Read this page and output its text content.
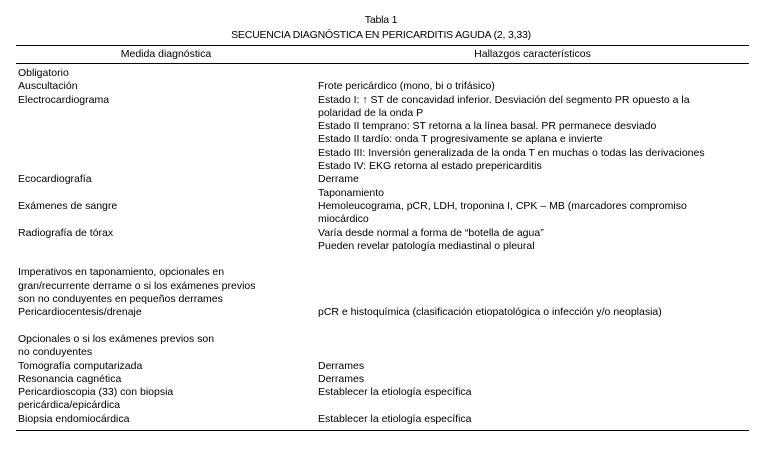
Tabla 1
SECUENCIA DIAGNÓSTICA EN PERICARDITIS AGUDA (2, 3,33)
Medida diagnóstica	Hallazgos característicos
Obligatorio
Auscultación	Frote pericárdico (mono, bi o trifásico)
Electrocardiograma	Estado I: ↑ ST de concavidad inferior. Desviación del segmento PR opuesto a la
polaridad de la onda P
Estado II temprano: ST retorna a la línea basal. PR permanece desviado
Estado II tardío: onda T progresivamente se aplana e invierte
Estado III: Inversión generalizada de la onda T en muchas o todas las derivaciones
Estado IV: EKG retorna al estado prepericarditis
Ecocardiografía	Derrame
Taponamiento
Exámenes de sangre	Hemoleucograma, pCR, LDH, troponina I, CPK – MB (marcadores compromiso
miocárdico
Radiografía de tórax	Varía desde normal a forma de “botella de agua”
Pueden revelar patología mediastinal o pleural
Imperativos en taponamiento, opcionales en
gran/recurrente derrame o si los exámenes previos
son no conduyentes en pequeños derrames
Pericardiocentesis/drenaje	pCR e histoquímica (clasificación etiopatológica o infección y/o neoplasia)
Opcionales o si los exámenes previos son
no conduyentes
Tomografía computarizada	Derrames
Resonancia cagnética	Derrames
Pericardioscopia (33) con biopsia	Establecer la etiología específica
pericárdica/epicárdica
Biopsia endomiocárdica	Establecer la etiología específica
